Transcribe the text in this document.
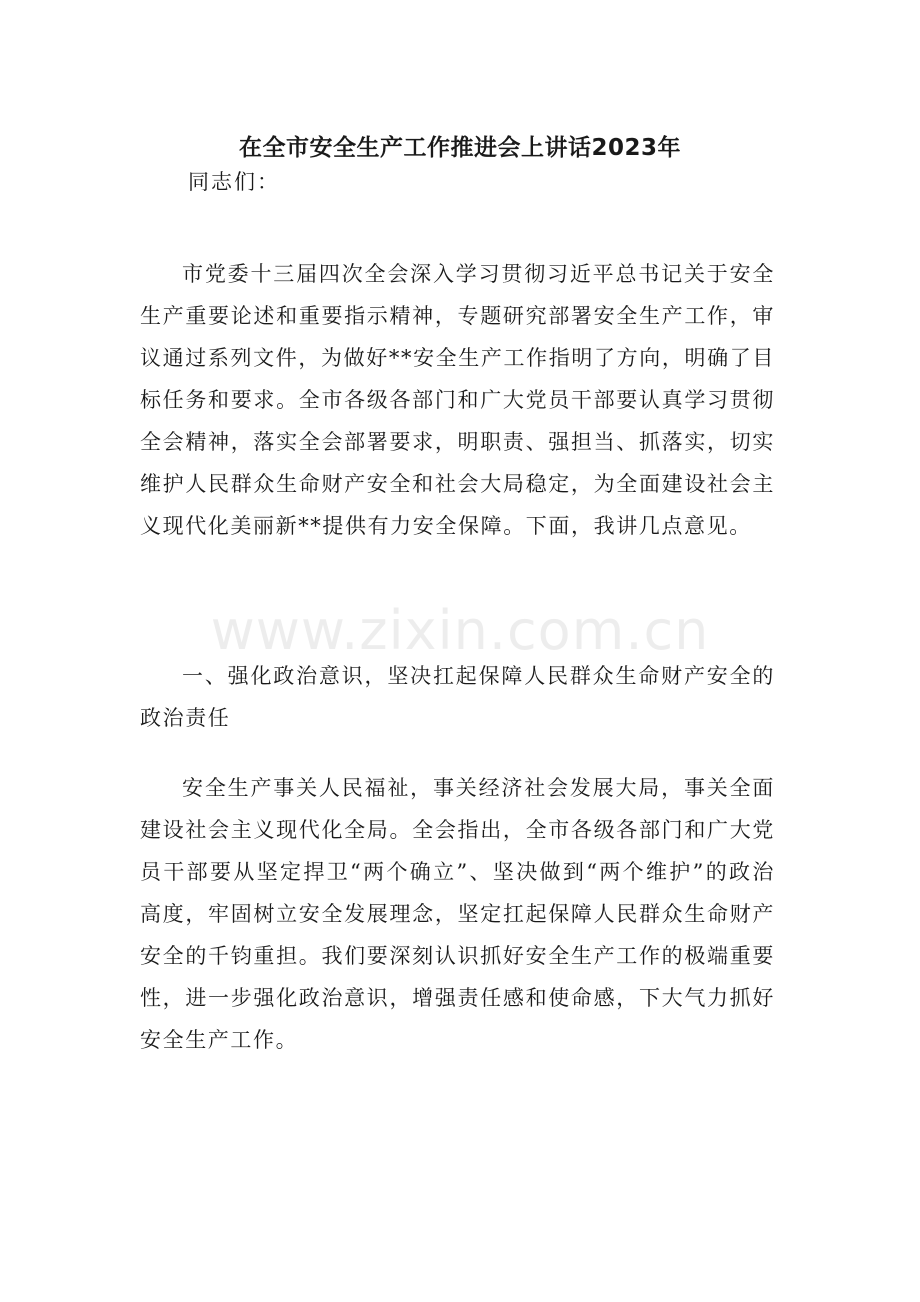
在全市安全生产工作推进会上讲话2023年
同志们：

市党委十三届四次全会深入学习贯彻习近平总书记关于安全生产重要论述和重要指示精神，专题研究部署安全生产工作，审议通过系列文件，为做好**安全生产工作指明了方向，明确了目标任务和要求。全市各级各部门和广大党员干部要认真学习贯彻全会精神，落实全会部署要求，明职责、强担当、抓落实，切实维护人民群众生命财产安全和社会大局稳定，为全面建设社会主义现代化美丽新**提供有力安全保障。下面，我讲几点意见。

一、强化政治意识，坚决扛起保障人民群众生命财产安全的政治责任

安全生产事关人民福祉，事关经济社会发展大局，事关全面建设社会主义现代化全局。全会指出，全市各级各部门和广大党员干部要从坚定捍卫“两个确立”、坚决做到“两个维护”的政治高度，牢固树立安全发展理念，坚定扛起保障人民群众生命财产安全的千钧重担。我们要深刻认识抓好安全生产工作的极端重要性，进一步强化政治意识，增强责任感和使命感，下大气力抓好安全生产工作。

www.zixin.com.cn
